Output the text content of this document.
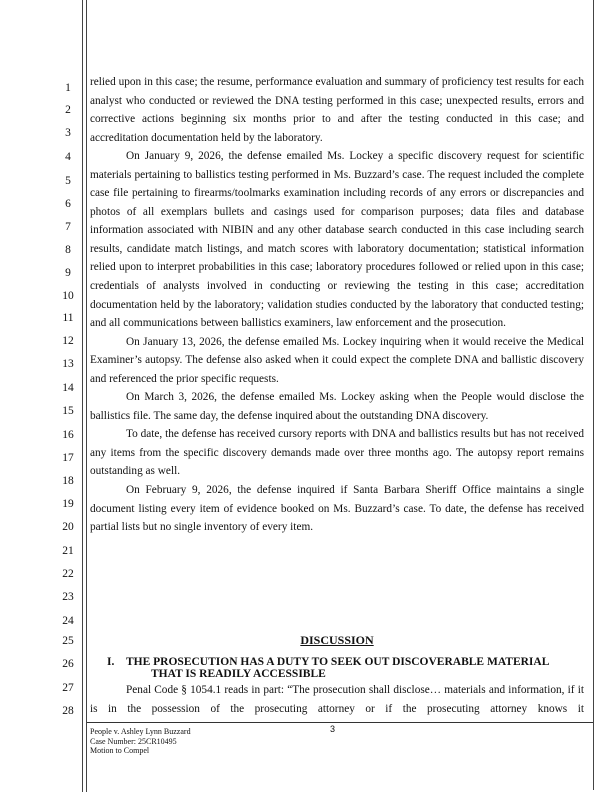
1
2
3
4
5
6
7
8
9
10
11
12
13
14
15
16
17
18
19
20
21
22
23
24
25
26
27
28

relied upon in this case; the resume, performance evaluation and summary of proficiency test results for each analyst who conducted or reviewed the DNA testing performed in this case; unexpected results, errors and corrective actions beginning six months prior to and after the testing conducted in this case; and accreditation documentation held by the laboratory.

On January 9, 2026, the defense emailed Ms. Lockey a specific discovery request for scientific materials pertaining to ballistics testing performed in Ms. Buzzard’s case. The request included the complete case file pertaining to firearms/toolmarks examination including records of any errors or discrepancies and photos of all exemplars bullets and casings used for comparison purposes; data files and database information associated with NIBIN and any other database search conducted in this case including search results, candidate match listings, and match scores with laboratory documentation; statistical information relied upon to interpret probabilities in this case; laboratory procedures followed or relied upon in this case; credentials of analysts involved in conducting or reviewing the testing in this case; accreditation documentation held by the laboratory; validation studies conducted by the laboratory that conducted testing; and all communications between ballistics examiners, law enforcement and the prosecution.

On January 13, 2026, the defense emailed Ms. Lockey inquiring when it would receive the Medical Examiner’s autopsy. The defense also asked when it could expect the complete DNA and ballistic discovery and referenced the prior specific requests.

On March 3, 2026, the defense emailed Ms. Lockey asking when the People would disclose the ballistics file. The same day, the defense inquired about the outstanding DNA discovery.

To date, the defense has received cursory reports with DNA and ballistics results but has not received any items from the specific discovery demands made over three months ago. The autopsy report remains outstanding as well.

On February 9, 2026, the defense inquired if Santa Barbara Sheriff Office maintains a single document listing every item of evidence booked on Ms. Buzzard’s case. To date, the defense has received partial lists but no single inventory of every item.

DISCUSSION
I. THE PROSECUTION HAS A DUTY TO SEEK OUT DISCOVERABLE MATERIAL
THAT IS READILY ACCESSIBLE

Penal Code § 1054.1 reads in part: “The prosecution shall disclose… materials and information, if it is in the possession of the prosecuting attorney or if the prosecuting attorney knows it

3
People v. Ashley Lynn Buzzard
Case Number: 25CR10495
Motion to Compel
